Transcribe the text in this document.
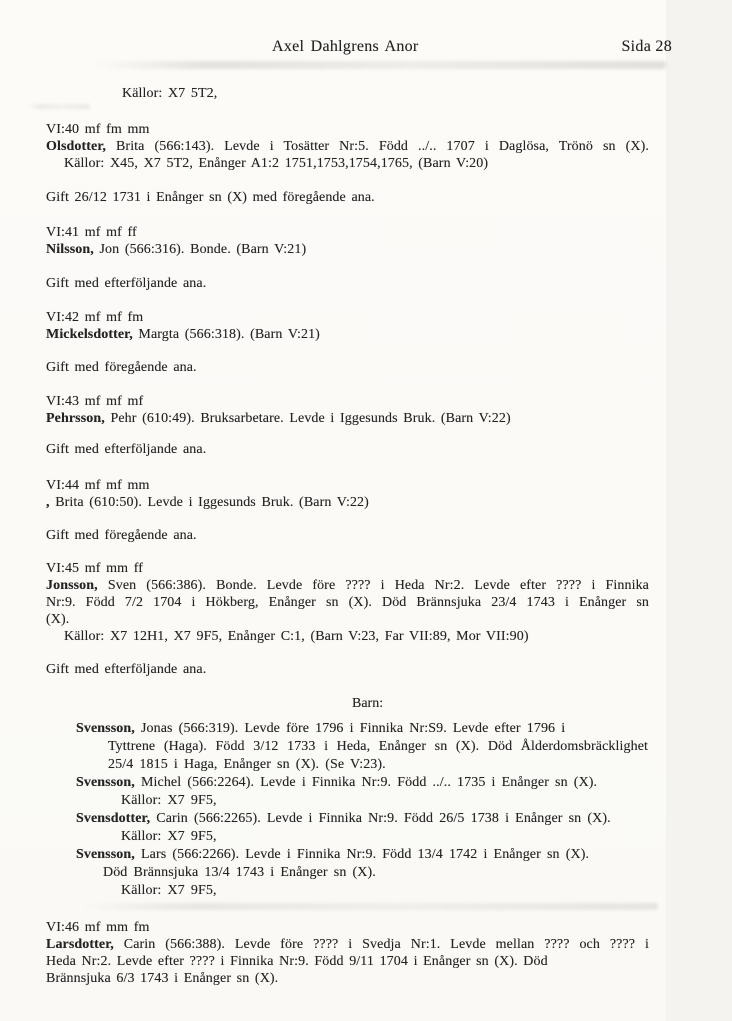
Axel Dahlgrens Anor	Sida 28
Källor: X7 5T2,
VI:40 mf fm mm
Olsdotter, Brita (566:143). Levde i Tosätter Nr:5. Född ../.. 1707 i Daglösa, Trönö sn (X).
Källor: X45, X7 5T2, Enånger A1:2 1751,1753,1754,1765, (Barn V:20)
Gift 26/12 1731 i Enånger sn (X) med föregående ana.
VI:41 mf mf ff
Nilsson, Jon (566:316). Bonde. (Barn V:21)
Gift med efterföljande ana.
VI:42 mf mf fm
Mickelsdotter, Margta (566:318). (Barn V:21)
Gift med föregående ana.
VI:43 mf mf mf
Pehrsson, Pehr (610:49). Bruksarbetare. Levde i Iggesunds Bruk. (Barn V:22)
Gift med efterföljande ana.
VI:44 mf mf mm
, Brita (610:50). Levde i Iggesunds Bruk. (Barn V:22)
Gift med föregående ana.
VI:45 mf mm ff
Jonsson, Sven (566:386). Bonde. Levde före ???? i Heda Nr:2. Levde efter ???? i Finnika
Nr:9. Född 7/2 1704 i Hökberg, Enånger sn (X). Död Brännsjuka 23/4 1743 i Enånger sn
(X).
Källor: X7 12H1, X7 9F5, Enånger C:1, (Barn V:23, Far VII:89, Mor VII:90)
Gift med efterföljande ana.
Barn:
Svensson, Jonas (566:319). Levde före 1796 i Finnika Nr:S9. Levde efter 1796 i
Tyttrene (Haga). Född 3/12 1733 i Heda, Enånger sn (X). Död Ålderdomsbräcklighet
25/4 1815 i Haga, Enånger sn (X). (Se V:23).
Svensson, Michel (566:2264). Levde i Finnika Nr:9. Född ../.. 1735 i Enånger sn (X).
Källor: X7 9F5,
Svensdotter, Carin (566:2265). Levde i Finnika Nr:9. Född 26/5 1738 i Enånger sn (X).
Källor: X7 9F5,
Svensson, Lars (566:2266). Levde i Finnika Nr:9. Född 13/4 1742 i Enånger sn (X).
Död Brännsjuka 13/4 1743 i Enånger sn (X).
Källor: X7 9F5,
VI:46 mf mm fm
Larsdotter, Carin (566:388). Levde före ???? i Svedja Nr:1. Levde mellan ???? och ???? i
Heda Nr:2. Levde efter ???? i Finnika Nr:9. Född 9/11 1704 i Enånger sn (X). Död
Brännsjuka 6/3 1743 i Enånger sn (X).
